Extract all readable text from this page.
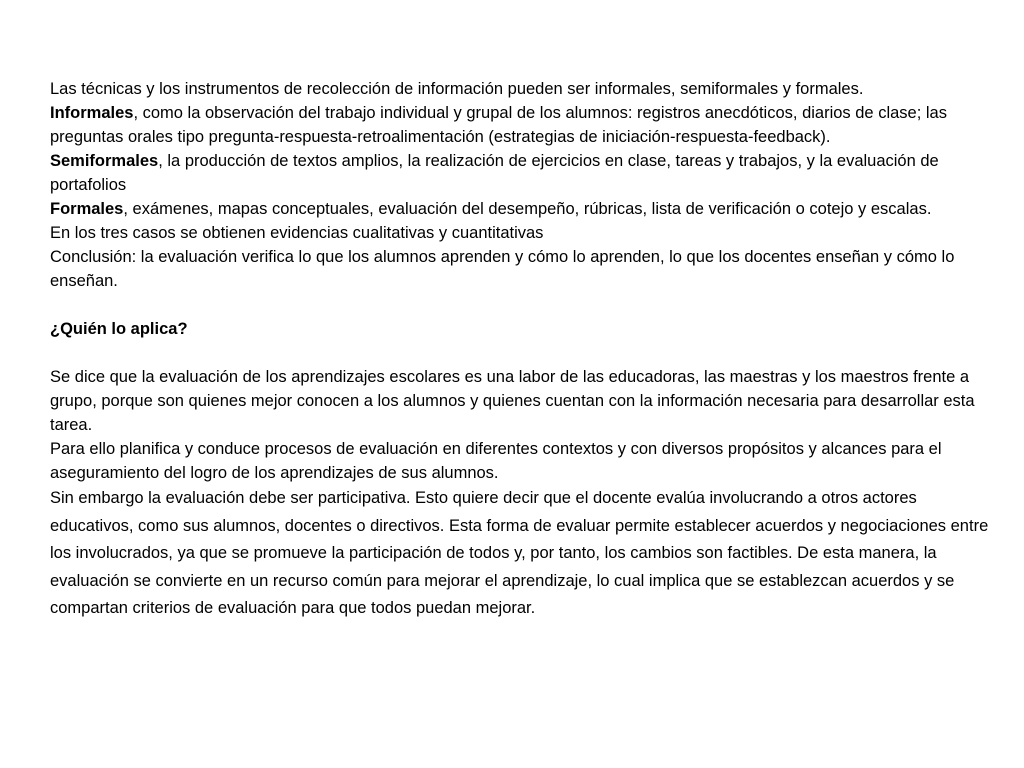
Las técnicas y los instrumentos de recolección de información pueden ser informales, semiformales y formales.

Informales, como la observación del trabajo individual y grupal de los alumnos: registros anecdóticos, diarios de clase; las preguntas orales tipo pregunta-respuesta-retroalimentación (estrategias de iniciación-respuesta-feedback).

Semiformales, la producción de textos amplios, la realización de ejercicios en clase, tareas y trabajos, y la evaluación de portafolios

Formales, exámenes, mapas conceptuales, evaluación del desempeño, rúbricas, lista de verificación o cotejo y escalas.

En los tres casos se obtienen evidencias cualitativas y cuantitativas

Conclusión: la evaluación verifica lo que los alumnos aprenden y cómo lo aprenden, lo que los docentes enseñan y cómo lo enseñan.

¿Quién lo aplica?

Se dice que la evaluación de los aprendizajes escolares es una labor de las educadoras, las maestras y los maestros frente a grupo, porque son quienes mejor conocen a los alumnos y quienes cuentan con la información necesaria para desarrollar esta tarea.

Para ello planifica y conduce procesos de evaluación en diferentes contextos y con diversos propósitos y alcances para el aseguramiento del logro de los aprendizajes de sus alumnos.

Sin embargo la evaluación debe ser participativa. Esto quiere decir que el docente evalúa involucrando a otros actores educativos, como sus alumnos, docentes o directivos. Esta forma de evaluar permite establecer acuerdos y negociaciones entre los involucrados, ya que se promueve la participación de todos y, por tanto, los cambios son factibles. De esta manera, la evaluación se convierte en un recurso común para mejorar el aprendizaje, lo cual implica que se establezcan acuerdos y se compartan criterios de evaluación para que todos puedan mejorar.
